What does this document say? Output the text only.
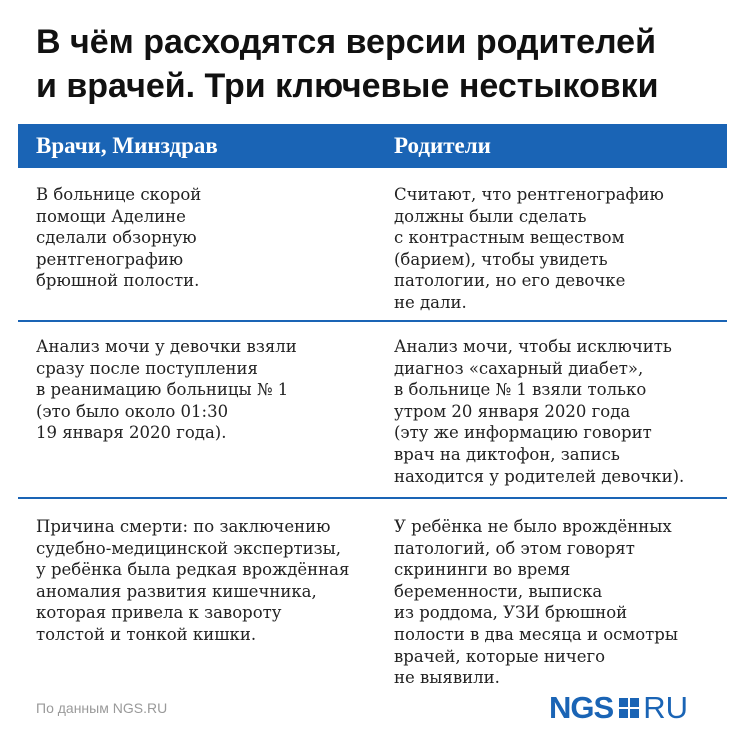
В чём расходятся версии родителей
и врачей. Три ключевые нестыковки
Врачи, Минздрав	Родители
В больнице скорой
помощи Аделине
сделали обзорную
рентгенографию
брюшной полости.
Считают, что рентгенографию
должны были сделать
с контрастным веществом
(барием), чтобы увидеть
патологии, но его девочке
не дали.
Анализ мочи у девочки взяли
сразу после поступления
в реанимацию больницы № 1
(это было около 01:30
19 января 2020 года).
Анализ мочи, чтобы исключить
диагноз «сахарный диабет»,
в больнице № 1 взяли только
утром 20 января 2020 года
(эту же информацию говорит
врач на диктофон, запись
находится у родителей девочки).
Причина смерти: по заключению
судебно-медицинской экспертизы,
у ребёнка была редкая врождённая
аномалия развития кишечника,
которая привела к завороту
толстой и тонкой кишки.
У ребёнка не было врождённых
патологий, об этом говорят
скрининги во время
беременности, выписка
из роддома, УЗИ брюшной
полости в два месяца и осмотры
врачей, которые ничего
не выявили.
По данным NGS.RU	NGS RU
